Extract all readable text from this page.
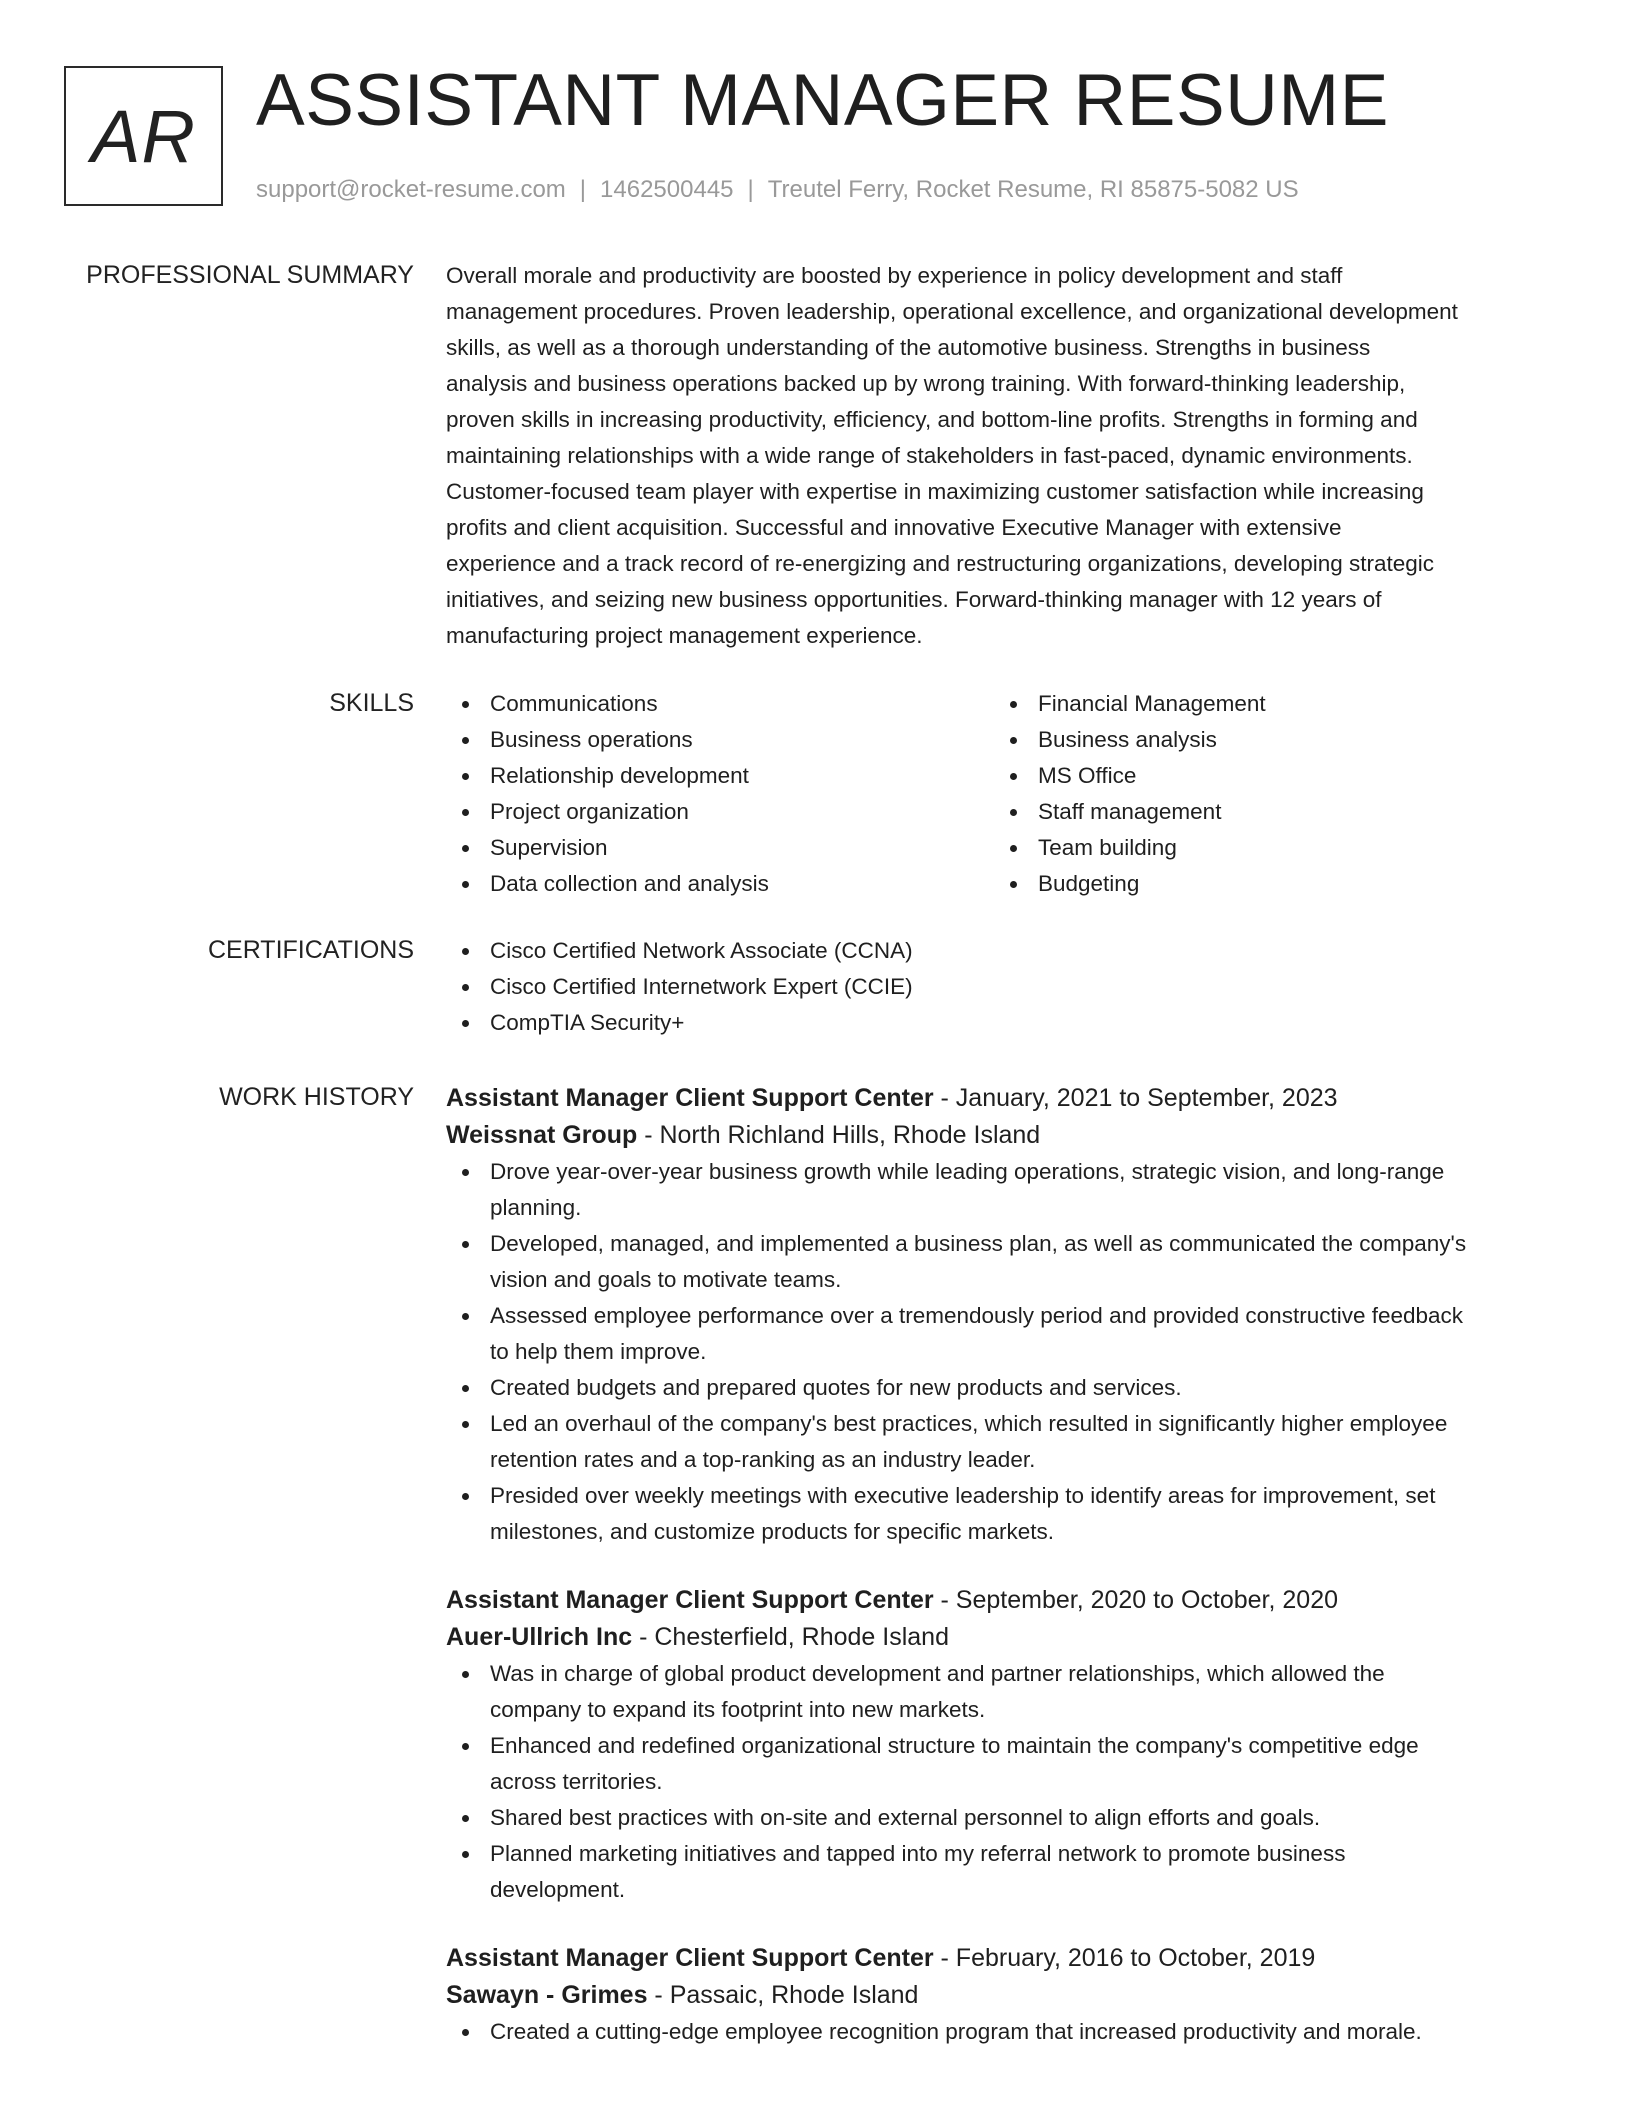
AR ASSISTANT MANAGER RESUME
support@rocket-resume.com | 1462500445 | Treutel Ferry, Rocket Resume, RI 85875-5082 US
PROFESSIONAL SUMMARY Overall morale and productivity are boosted by experience in policy development and staff
management procedures. Proven leadership, operational excellence, and organizational development
skills, as well as a thorough understanding of the automotive business. Strengths in business
analysis and business operations backed up by wrong training. With forward-thinking leadership,
proven skills in increasing productivity, efficiency, and bottom-line profits. Strengths in forming and
maintaining relationships with a wide range of stakeholders in fast-paced, dynamic environments.
Customer-focused team player with expertise in maximizing customer satisfaction while increasing
profits and client acquisition. Successful and innovative Executive Manager with extensive
experience and a track record of re-energizing and restructuring organizations, developing strategic
initiatives, and seizing new business opportunities. Forward-thinking manager with 12 years of
manufacturing project management experience.

SKILLS	Communications
Business operations
Relationship development
Project organization
Supervision
Data collection and analysis
Financial Management
Business analysis
MS Office
Staff management
Team building
Budgeting
CERTIFICATIONS	Cisco Certified Network Associate (CCNA)
Cisco Certified Internetwork Expert (CCIE)
CompTIA Security+
WORK HISTORY Assistant Manager Client Support Center - January, 2021 to September, 2023
Weissnat Group - North Richland Hills, Rhode Island
Drove year-over-year business growth while leading operations, strategic vision, and long-range
planning.
Developed, managed, and implemented a business plan, as well as communicated the company's
vision and goals to motivate teams.
Assessed employee performance over a tremendously period and provided constructive feedback
to help them improve.
Created budgets and prepared quotes for new products and services.
Led an overhaul of the company's best practices, which resulted in significantly higher employee
retention rates and a top-ranking as an industry leader.
Presided over weekly meetings with executive leadership to identify areas for improvement, set
milestones, and customize products for specific markets.
Assistant Manager Client Support Center - September, 2020 to October, 2020
Auer-Ullrich Inc - Chesterfield, Rhode Island
Was in charge of global product development and partner relationships, which allowed the
company to expand its footprint into new markets.
Enhanced and redefined organizational structure to maintain the company's competitive edge
across territories.
Shared best practices with on-site and external personnel to align efforts and goals.
Planned marketing initiatives and tapped into my referral network to promote business
development.
Assistant Manager Client Support Center - February, 2016 to October, 2019
Sawayn - Grimes - Passaic, Rhode Island
Created a cutting-edge employee recognition program that increased productivity and morale.
